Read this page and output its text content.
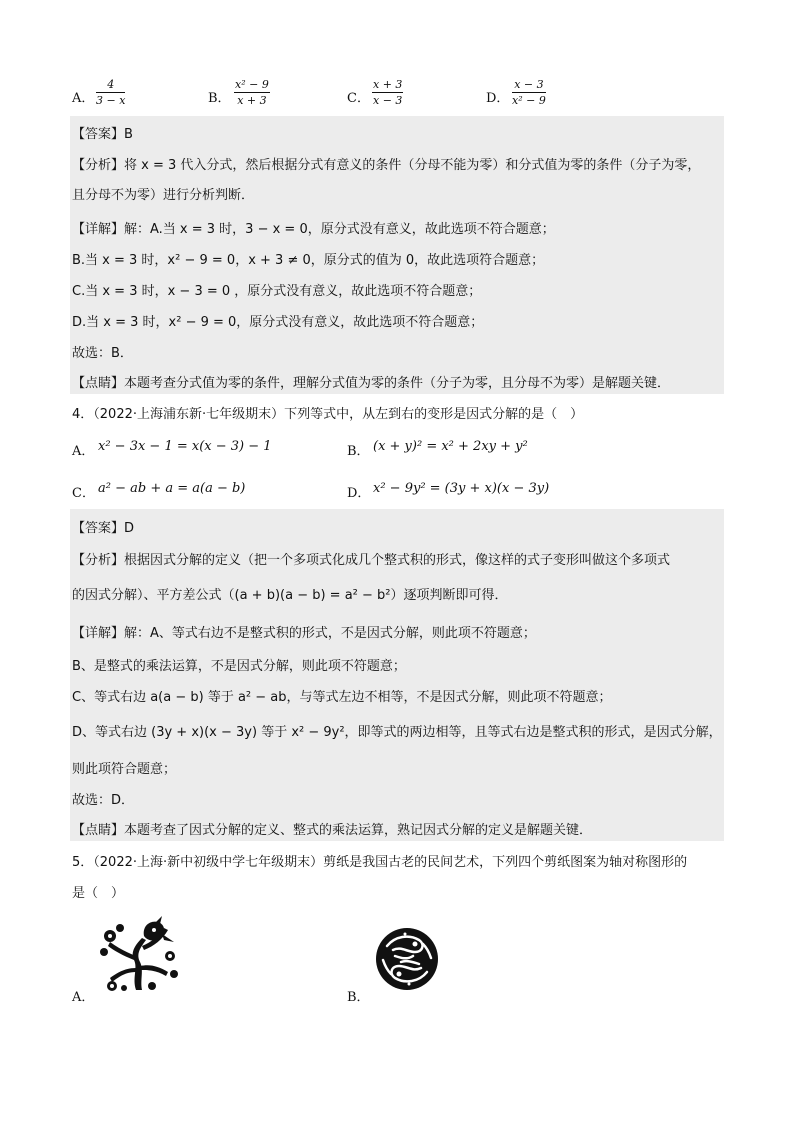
A． $\frac{4}{3 - x}$	B． $\frac{\text{x² − 9}}{x + 3}$	C． $\frac{x + 3}{x - 3}$	D． $\frac{x - 3}{\text{x² − 9}}$
【答案】B
【分析】将 x = 3 代入分式，然后根据分式有意义的条件（分母不能为零）和分式值为零的条件（分子为零，
且分母不为零）进行分析判断．
【详解】解：A.当 x = 3 时，3 − x = 0，原分式没有意义，故此选项不符合题意；
B.当 x = 3 时，x² − 9 = 0，x + 3 ≠ 0，原分式的值为 0，故此选项符合题意；
C.当 x = 3 时，x − 3 = 0 ，原分式没有意义，故此选项不符合题意；
D.当 x = 3 时，x² − 9 = 0，原分式没有意义，故此选项不符合题意；
故选：B．
【点睛】本题考查分式值为零的条件，理解分式值为零的条件（分子为零，且分母不为零）是解题关键．
4．（2022·上海浦东新·七年级期末）下列等式中，从左到右的变形是因式分解的是（　）
A． x² − 3x − 1 = x(x − 3) − 1	B． (x + y)² = x² + 2xy + y²
C． a² − ab + a = a(a − b)	D． x² − 9y² = (3y + x)(x − 3y)
【答案】D
【分析】根据因式分解的定义（把一个多项式化成几个整式积的形式，像这样的式子变形叫做这个多项式
的因式分解）、平方差公式（(a + b)(a − b) = a² − b²）逐项判断即可得．
【详解】解：A、等式右边不是整式积的形式，不是因式分解，则此项不符题意；
B、是整式的乘法运算，不是因式分解，则此项不符题意；
C、等式右边 a(a − b) 等于 a² − ab，与等式左边不相等，不是因式分解，则此项不符题意；
D、等式右边 (3y + x)(x − 3y) 等于 x² − 9y²，即等式的两边相等，且等式右边是整式积的形式，是因式分解，
则此项符合题意；
故选：D．
【点睛】本题考查了因式分解的定义、整式的乘法运算，熟记因式分解的定义是解题关键．
5．（2022·上海·新中初级中学七年级期末）剪纸是我国古老的民间艺术，下列四个剪纸图案为轴对称图形的
是（　）
A．	B．
